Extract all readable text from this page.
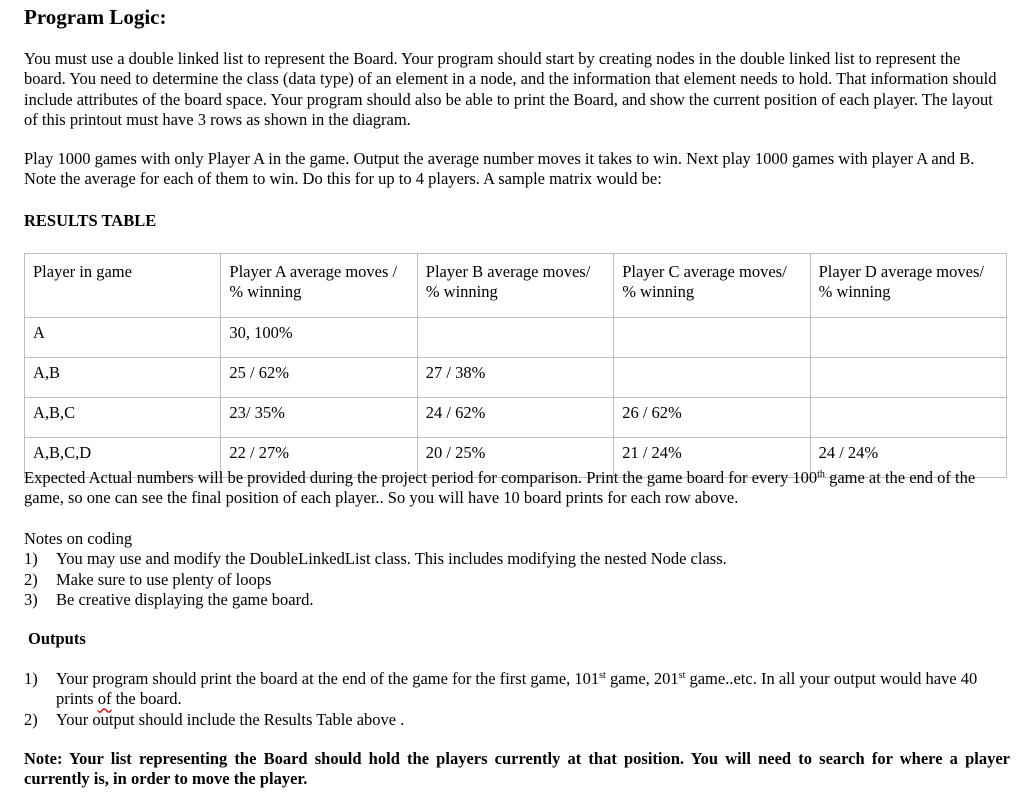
Program Logic:

You must use a double linked list to represent the Board. Your program should start by creating nodes in the double linked list to represent the board. You need to determine the class (data type) of an element in a node, and the information that element needs to hold. That information should include attributes of the board space. Your program should also be able to print the Board, and show the current position of each player. The layout of this printout must have 3 rows as shown in the diagram.

Play 1000 games with only Player A in the game. Output the average number moves it takes to win. Next play 1000 games with player A and B. Note the average for each of them to win. Do this for up to 4 players. A sample matrix would be:

RESULTS TABLE
Player in game	Player A average moves / % winning	Player B average moves/ % winning	Player C average moves/ % winning	Player D average moves/ % winning
A	30, 100%			
A,B	25 / 62%	27 / 38%		
A,B,C	23/ 35%	24 / 62%	26 / 62%	
A,B,C,D	22 / 27%	20 / 25%	21 / 24%	24 / 24%

Expected Actual numbers will be provided during the project period for comparison. Print the game board for every 100th game at the end of the game, so one can see the final position of each player.. So you will have 10 board prints for each row above.

Notes on coding
1) You may use and modify the DoubleLinkedList class. This includes modifying the nested Node class.
2) Make sure to use plenty of loops
3) Be creative displaying the game board.
Outputs
1) Your program should print the board at the end of the game for the first game, 101st game, 201st game..etc. In all your output would have 40 prints of the board.
2) Your output should include the Results Table above .

Note: Your list representing the Board should hold the players currently at that position. You will need to search for where a player currently is, in order to move the player.
